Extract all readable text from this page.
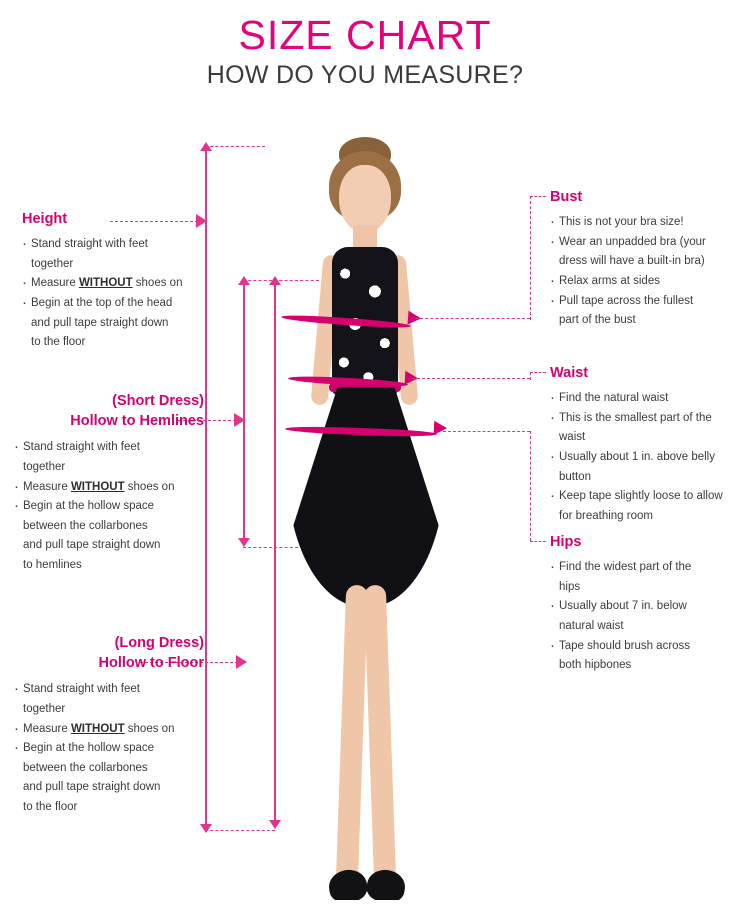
SIZE CHART
HOW DO YOU MEASURE?
Height
· Stand straight with feet
together
· Measure WITHOUT shoes on
· Begin at the top of the head
and pull tape straight down
to the floor
(Short Dress)
Hollow to Hemlines
· Stand straight with feet
together
· Measure WITHOUT shoes on
· Begin at the hollow space
between the collarbones
and pull tape straight down
to hemlines
(Long Dress)
Hollow to Floor
· Stand straight with feet
together
· Measure WITHOUT shoes on
· Begin at the hollow space
between the collarbones
and pull tape straight down
to the floor
Bust
· This is not your bra size!
· Wear an unpadded bra (your
dress will have a built-in bra)
· Relax arms at sides
· Pull tape across the fullest
part of the bust
Waist
· Find the natural waist
· This is the smallest part of the
waist
· Usually about 1 in. above belly
button
· Keep tape slightly loose to allow
for breathing room
Hips
· Find the widest part of the
hips
· Usually about 7 in. below
natural waist
· Tape should brush across
both hipbones
